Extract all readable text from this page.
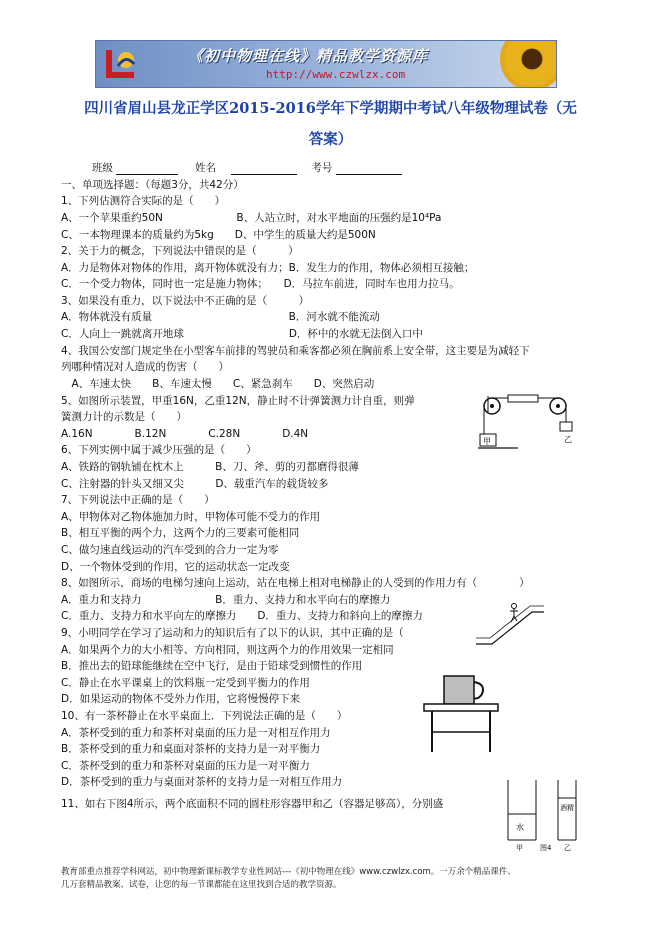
《初中物理在线》精品教学资源库
http://www.czwlzx.com
四川省眉山县龙正学区2015-2016学年下学期期中考试八年级物理试卷（无
答案）
班级	姓名	考号
一、单项选择题：（每题3分，共42分）
1、下列估测符合实际的是（　　）
A、一个苹果重约50N　　　　　　　B、人站立时，对水平地面的压强约是10⁴Pa
C、一本物理课本的质量约为5kg　　D、中学生的质量大约是500N
2、关于力的概念，下列说法中错误的是（　　　）
A．力是物体对物体的作用，离开物体就没有力；B．发生力的作用，物体必须相互接触；
C．一个受力物体，同时也一定是施力物体；　　D．马拉车前进，同时车也用力拉马。
3、如果没有重力，以下说法中不正确的是（　　　）
A．物体就没有质量　　　　　　　　　　　　　B．河水就不能流动
C．人向上一跳就离开地球　　　　　　　　　　D．杯中的水就无法倒入口中
4、我国公安部门规定坐在小型客车前排的驾驶员和乘客都必须在胸前系上安全带，这主要是为减轻下
列哪种情况对人造成的伤害（　　）
　A、车速太快　　B、车速太慢　　C、紧急刹车　　D、突然启动
5、如图所示装置，甲重16N，乙重12N，静止时不计弹簧测力计自重，则弹
簧测力计的示数是（　　）
A.16N　　　　B.12N　　　　C.28N　　　　D.4N
6、下列实例中属于减少压强的是（　　）
A、铁路的钢轨铺在枕木上　　　B、刀、斧、剪的刃都磨得很薄
C、注射器的针头又细又尖　　　D、载重汽车的载货较多
7、下列说法中正确的是（　　）
A、甲物体对乙物体施加力时，甲物体可能不受力的作用
B、相互平衡的两个力，这两个力的三要素可能相同
C、做匀速直线运动的汽车受到的合力一定为零
D、一个物体受到的作用，它的运动状态一定改变
8、如图所示，商场的电梯匀速向上运动，站在电梯上相对电梯静止的人受到的作用力有（　　　　）
A．重力和支持力　　　　　　　B．重力、支持力和水平向右的摩擦力
C．重力、支持力和水平向左的摩擦力　　D．重力、支持力和斜向上的摩擦力
9、小明同学在学习了运动和力的知识后有了以下的认识，其中正确的是（
A．如果两个力的大小相等、方向相同，则这两个力的作用效果一定相同
B．推出去的铅球能继续在空中飞行，是由于铅球受到惯性的作用
C．静止在水平课桌上的饮料瓶一定受到平衡力的作用
D．如果运动的物体不受外力作用，它将慢慢停下来
10、有一茶杯静止在水平桌面上．下列说法正确的是（　　）
A．茶杯受到的重力和茶杯对桌面的压力是一对相互作用力
B．茶杯受到的重力和桌面对茶杯的支持力是一对平衡力
C．茶杯受到的重力和茶杯对桌面的压力是一对平衡力
D．茶杯受到的重力与桌面对茶杯的支持力是一对相互作用力
11、如右下图4所示，两个底面积不同的圆柱形容器甲和乙（容器足够高），分别盛
甲	乙
水
酒精
甲 图4 乙
教育部重点推荐学科网站，初中物理新课标教学专业性网站---《初中物理在线》www.czwlzx.com。一万余个精品课件、
几万套精品教案、试卷，让您的每一节课都能在这里找到合适的教学资源。
